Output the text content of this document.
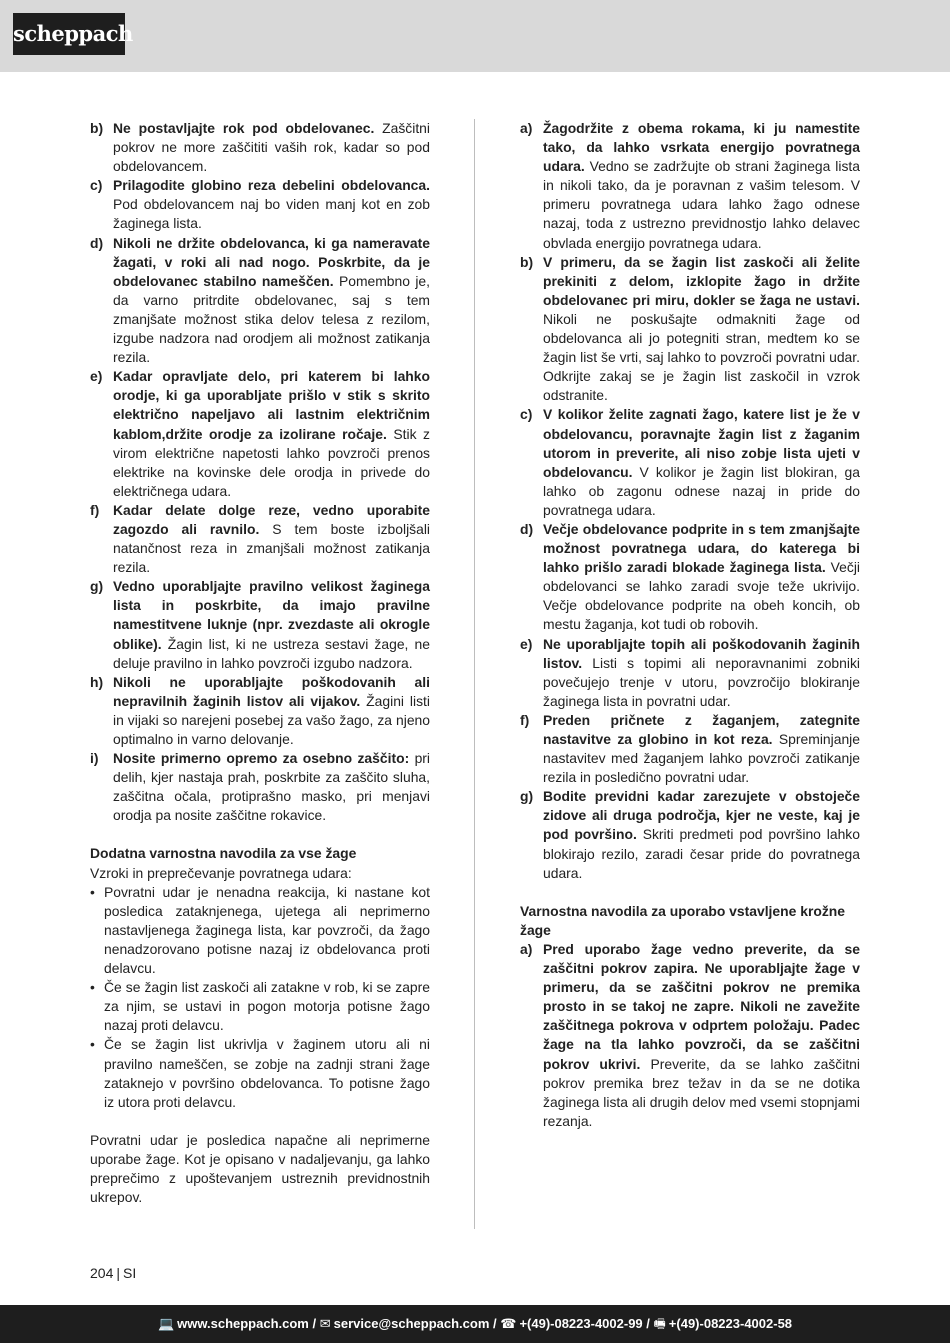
scheppach
b) Ne postavljajte rok pod obdelovanec. Zaščitni pokrov ne more zaščititi vaših rok, kadar so pod obdelovancem.
c) Prilagodite globino reza debelini obdelovanca. Pod obdelovancem naj bo viden manj kot en zob žaginega lista.
d) Nikoli ne držite obdelovanca, ki ga nameravate žagati, v roki ali nad nogo. Poskrbite, da je obdelovanec stabilno nameščen. Pomembno je, da varno pritrdite obdelovanec, saj s tem zmanjšate možnost stika delov telesa z rezilom, izgube nadzora nad orodjem ali možnost zatikanja rezila.
e) Kadar opravljate delo, pri katerem bi lahko orodje, ki ga uporabljate prišlo v stik s skrito električno napeljavo ali lastnim električnim kablom,držite orodje za izolirane ročaje. Stik z virom električne napetosti lahko povzroči prenos elektrike na kovinske dele orodja in privede do električnega udara.
f) Kadar delate dolge reze, vedno uporabite zagozdo ali ravnilo. S tem boste izboljšali natančnost reza in zmanjšali možnost zatikanja rezila.
g) Vedno uporabljajte pravilno velikost žaginega lista in poskrbite, da imajo pravilne namestitvene luknje (npr. zvezdaste ali okrogle oblike). Žagin list, ki ne ustreza sestavi žage, ne deluje pravilno in lahko povzroči izgubo nadzora.
h) Nikoli ne uporabljajte poškodovanih ali nepravilnih žaginih listov ali vijakov. Žagini listi in vijaki so narejeni posebej za vašo žago, za njeno optimalno in varno delovanje.
i)	Nosite primerno opremo za osebno zaščito: pri delih, kjer nastaja prah, poskrbite za zaščito sluha, zaščitna očala, protiprašno masko, pri menjavi orodja pa nosite zaščitne rokavice.
Dodatna varnostna navodila za vse žage
Vzroki in preprečevanje povratnega udara:
• Povratni udar je nenadna reakcija, ki nastane kot posledica zataknjenega, ujetega ali neprimerno nastavljenega žaginega lista, kar povzroči, da žago nenadzorovano potisne nazaj iz obdelovanca proti delavcu.
• Če se žagin list zaskoči ali zatakne v rob, ki se zapre za njim, se ustavi in pogon motorja potisne žago nazaj proti delavcu.
• Če se žagin list ukrivlja v žaginem utoru ali ni pravilno nameščen, se zobje na zadnji strani žage zataknejo v površino obdelovanca. To potisne žago iz utora proti delavcu.
Povratni udar je posledica napačne ali neprimerne uporabe žage. Kot je opisano v nadaljevanju, ga lahko preprečimo z upoštevanjem ustreznih previdnostnih ukrepov.
a) Žagodržite z obema rokama, ki ju namestite tako, da lahko vsrkata energijo povratnega udara. Vedno se zadržujte ob strani žaginega lista in nikoli tako, da je poravnan z vašim telesom. V primeru povratnega udara lahko žago odnese nazaj, toda z ustrezno previdnostjo lahko delavec obvlada energijo povratnega udara.
b) V primeru, da se žagin list zaskoči ali želite prekiniti z delom, izklopite žago in držite obdelovanec pri miru, dokler se žaga ne ustavi. Nikoli ne poskušajte odmakniti žage od obdelovanca ali jo potegniti stran, medtem ko se žagin list še vrti, saj lahko to povzroči povratni udar. Odkrijte zakaj se je žagin list zaskočil in vzrok odstranite.
c) V kolikor želite zagnati žago, katere list je že v obdelovancu, poravnajte žagin list z žaganim utorom in preverite, ali niso zobje lista ujeti v obdelovancu. V kolikor je žagin list blokiran, ga lahko ob zagonu odnese nazaj in pride do povratnega udara.
d) Večje obdelovance podprite in s tem zmanjšajte možnost povratnega udara, do katerega bi lahko prišlo zaradi blokade žaginega lista. Večji obdelovanci se lahko zaradi svoje teže ukrivijo. Večje obdelovance podprite na obeh koncih, ob mestu žaganja, kot tudi ob robovih.
e) Ne uporabljajte topih ali poškodovanih žaginih listov. Listi s topimi ali neporavnanimi zobniki povečujejo trenje v utoru, povzročijo blokiranje žaginega lista in povratni udar.
f) Preden pričnete z žaganjem, zategnite nastavitve za globino in kot reza. Spreminjanje nastavitev med žaganjem lahko povzroči zatikanje rezila in posledično povratni udar.
g) Bodite previdni kadar zarezujete v obstoječe zidove ali druga področja, kjer ne veste, kaj je pod površino. Skriti predmeti pod površino lahko blokirajo rezilo, zaradi česar pride do povratnega udara.
Varnostna navodila za uporabo vstavljene krožne žage
a) Pred uporabo žage vedno preverite, da se zaščitni pokrov zapira. Ne uporabljajte žage v primeru, da se zaščitni pokrov ne premika prosto in se takoj ne zapre. Nikoli ne zavežite zaščitnega pokrova v odprtem položaju. Padec žage na tla lahko povzroči, da se zaščitni pokrov ukrivi. Preverite, da se lahko zaščitni pokrov premika brez težav in da se ne dotika žaginega lista ali drugih delov med vsemi stopnjami rezanja.
204 | SI
💻 www.scheppach.com / ✉ service@scheppach.com / ☎ +(49)-08223-4002-99 / 🖷 +(49)-08223-4002-58
